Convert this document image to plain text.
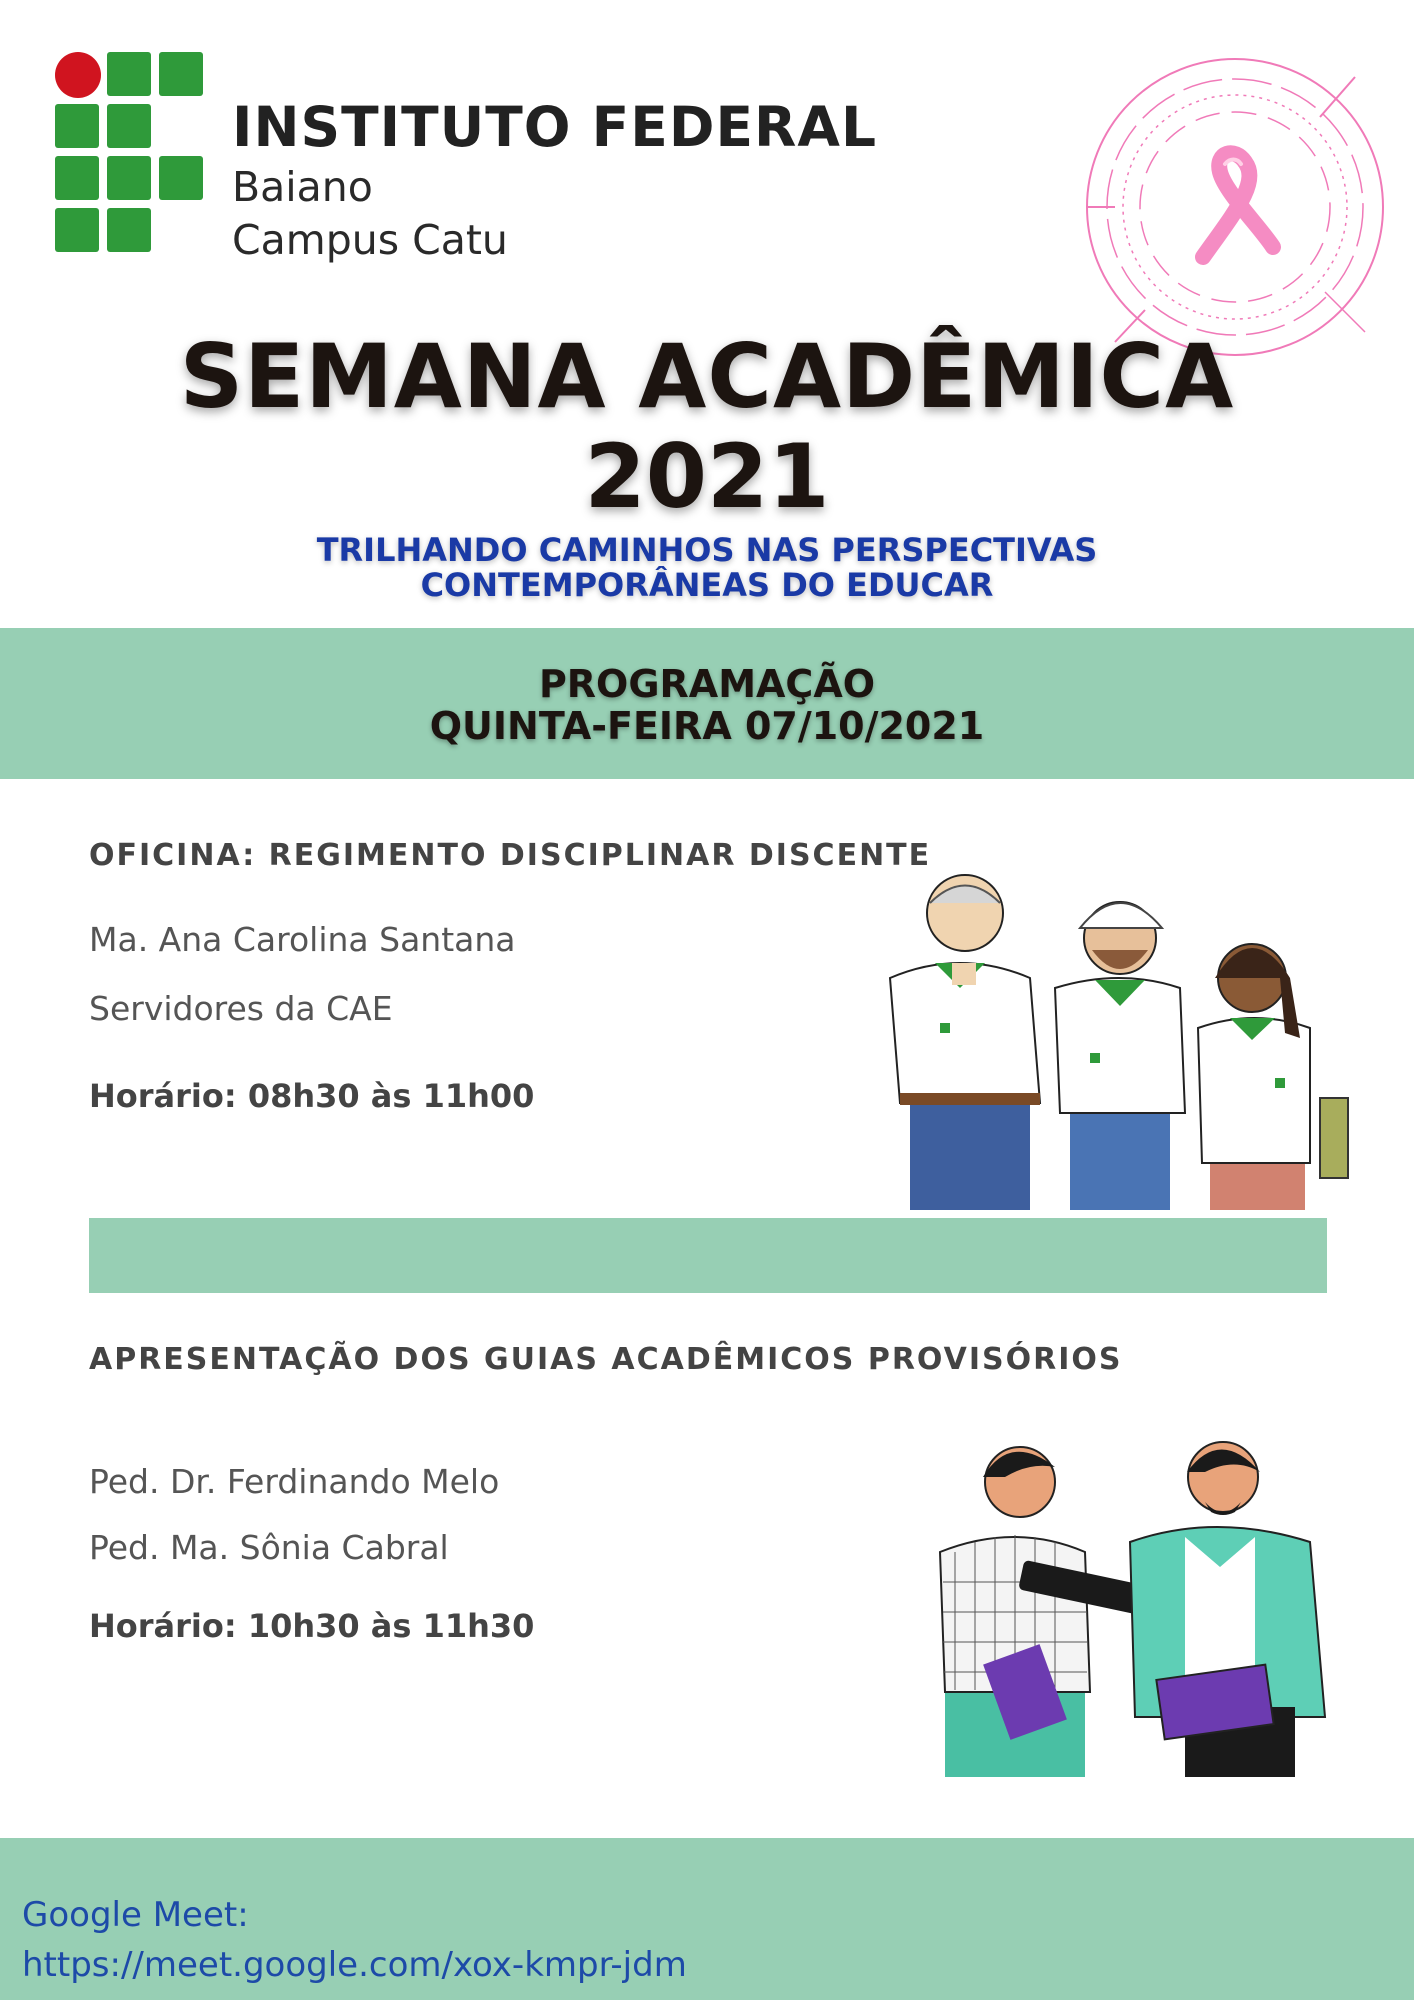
INSTITUTO FEDERAL
Baiano
Campus Catu
SEMANA ACADÊMICA
2021
TRILHANDO CAMINHOS NAS PERSPECTIVAS
CONTEMPORÂNEAS DO EDUCAR
PROGRAMAÇÃO
QUINTA-FEIRA 07/10/2021
OFICINA: REGIMENTO DISCIPLINAR DISCENTE
Ma. Ana Carolina Santana
Servidores da CAE
Horário: 08h30 às 11h00
APRESENTAÇÃO DOS GUIAS ACADÊMICOS PROVISÓRIOS
Ped. Dr. Ferdinando Melo
Ped. Ma. Sônia Cabral
Horário: 10h30 às 11h30
Google Meet:
https://meet.google.com/xox-kmpr-jdm
